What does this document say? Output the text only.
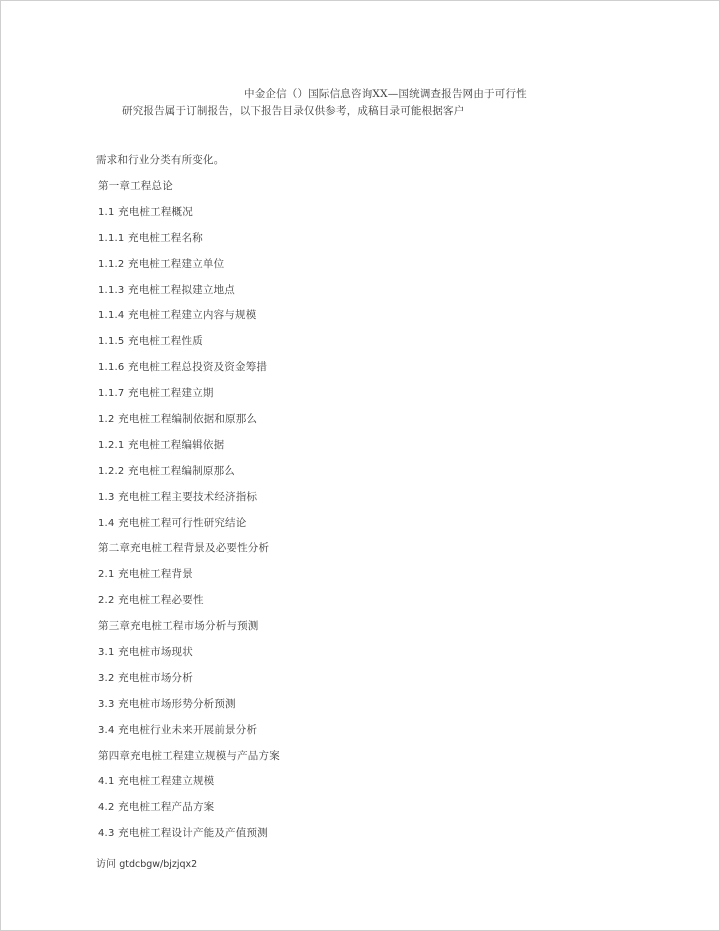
中金企信（）国际信息咨询XX—国统调查报告网由于可行性
研究报告属于订制报告，以下报告目录仅供参考，成稿目录可能根据客户
需求和行业分类有所变化。
第一章工程总论
1.1 充电桩工程概况
1.1.1 充电桩工程名称
1.1.2 充电桩工程建立单位
1.1.3 充电桩工程拟建立地点
1.1.4 充电桩工程建立内容与规模
1.1.5 充电桩工程性质
1.1.6 充电桩工程总投资及资金筹措
1.1.7 充电桩工程建立期
1.2 充电桩工程编制依据和原那么
1.2.1 充电桩工程编辑依据
1.2.2 充电桩工程编制原那么
1.3 充电桩工程主要技术经济指标
1.4 充电桩工程可行性研究结论
第二章充电桩工程背景及必要性分析
2.1 充电桩工程背景
2.2 充电桩工程必要性
第三章充电桩工程市场分析与预测
3.1 充电桩市场现状
3.2 充电桩市场分析
3.3 充电桩市场形势分析预测
3.4 充电桩行业未来开展前景分析
第四章充电桩工程建立规模与产品方案
4.1 充电桩工程建立规模
4.2 充电桩工程产品方案
4.3 充电桩工程设计产能及产值预测
访问 gtdcbgw/bjzjqx2
